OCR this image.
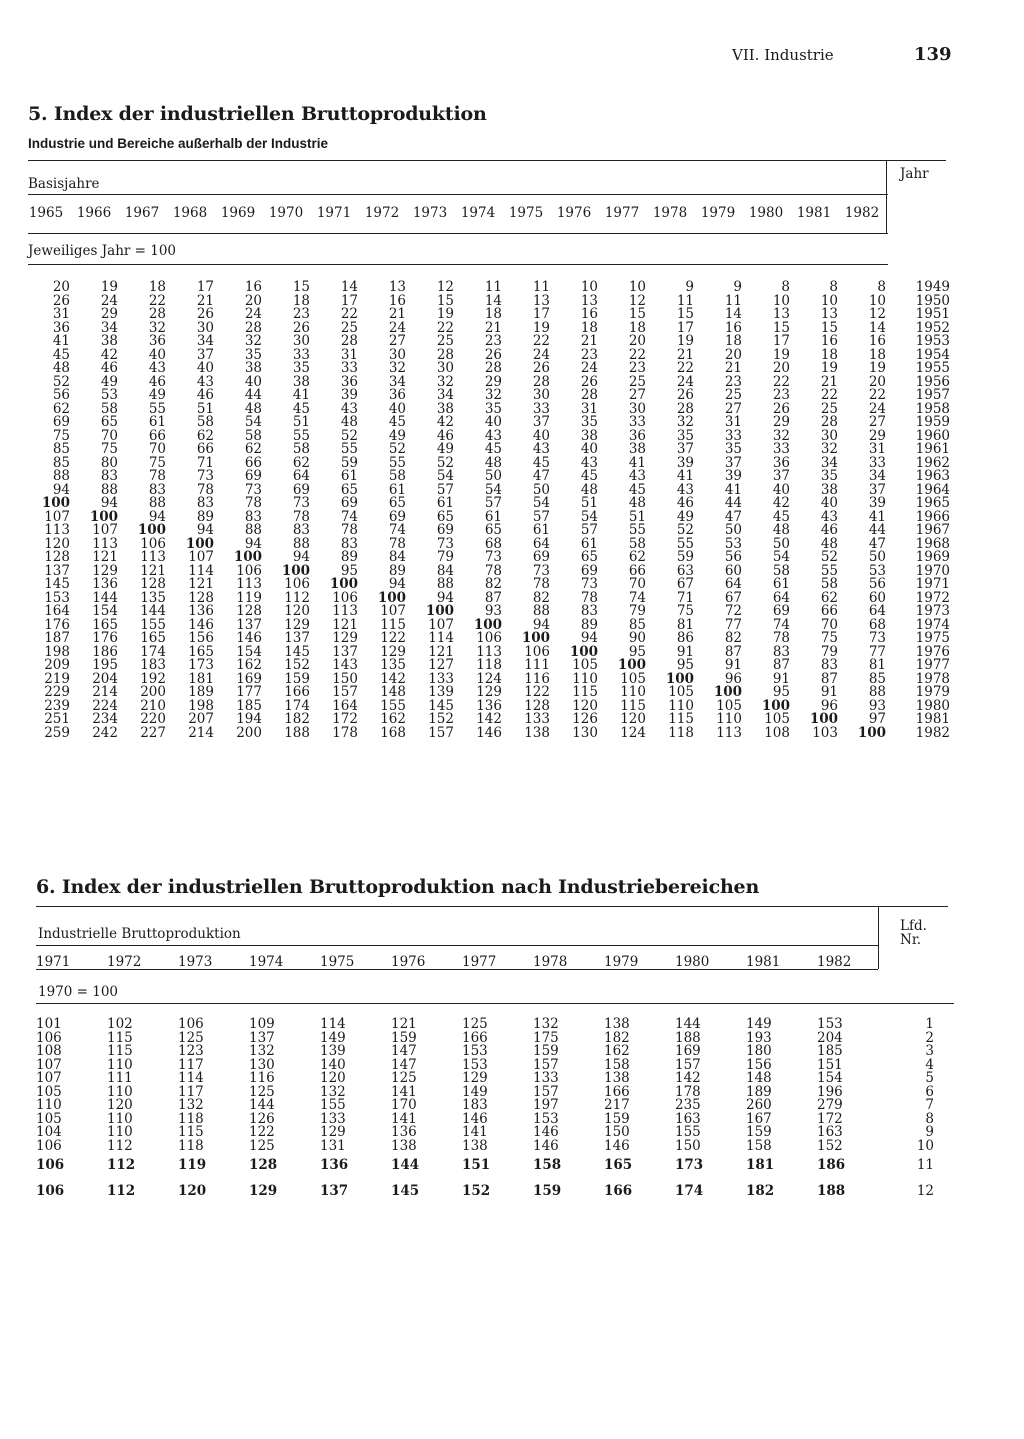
VII. Industrie	139
5. Index der industriellen Bruttoproduktion
Industrie und Bereiche außerhalb der Industrie
Basisjahre
Jahr
1965	1966	1967	1968	1969	1970	1971	1972	1973	1974	1975	1976	1977	1978	1979	1980	1981	1982
Jeweiliges Jahr = 100
20	19	18	17	16	15	14	13	12	11	11	10	10	9	9	8	8	8	1949
26	24	22	21	20	18	17	16	15	14	13	13	12	11	11	10	10	10	1950
31	29	28	26	24	23	22	21	19	18	17	16	15	15	14	13	13	12	1951
36	34	32	30	28	26	25	24	22	21	19	18	18	17	16	15	15	14	1952
41	38	36	34	32	30	28	27	25	23	22	21	20	19	18	17	16	16	1953
45	42	40	37	35	33	31	30	28	26	24	23	22	21	20	19	18	18	1954
48	46	43	40	38	35	33	32	30	28	26	24	23	22	21	20	19	19	1955
52	49	46	43	40	38	36	34	32	29	28	26	25	24	23	22	21	20	1956
56	53	49	46	44	41	39	36	34	32	30	28	27	26	25	23	22	22	1957
62	58	55	51	48	45	43	40	38	35	33	31	30	28	27	26	25	24	1958
69	65	61	58	54	51	48	45	42	40	37	35	33	32	31	29	28	27	1959
75	70	66	62	58	55	52	49	46	43	40	38	36	35	33	32	30	29	1960
85	75	70	66	62	58	55	52	49	45	43	40	38	37	35	33	32	31	1961
85	80	75	71	66	62	59	55	52	48	45	43	41	39	37	36	34	33	1962
88	83	78	73	69	64	61	58	54	50	47	45	43	41	39	37	35	34	1963
94	88	83	78	73	69	65	61	57	54	50	48	45	43	41	40	38	37	1964
100	94	88	83	78	73	69	65	61	57	54	51	48	46	44	42	40	39	1965
107	100	94	89	83	78	74	69	65	61	57	54	51	49	47	45	43	41	1966
113	107	100	94	88	83	78	74	69	65	61	57	55	52	50	48	46	44	1967
120	113	106	100	94	88	83	78	73	68	64	61	58	55	53	50	48	47	1968
128	121	113	107	100	94	89	84	79	73	69	65	62	59	56	54	52	50	1969
137	129	121	114	106	100	95	89	84	78	73	69	66	63	60	58	55	53	1970
145	136	128	121	113	106	100	94	88	82	78	73	70	67	64	61	58	56	1971
153	144	135	128	119	112	106	100	94	87	82	78	74	71	67	64	62	60	1972
164	154	144	136	128	120	113	107	100	93	88	83	79	75	72	69	66	64	1973
176	165	155	146	137	129	121	115	107	100	94	89	85	81	77	74	70	68	1974
187	176	165	156	146	137	129	122	114	106	100	94	90	86	82	78	75	73	1975
198	186	174	165	154	145	137	129	121	113	106	100	95	91	87	83	79	77	1976
209	195	183	173	162	152	143	135	127	118	111	105	100	95	91	87	83	81	1977
219	204	192	181	169	159	150	142	133	124	116	110	105	100	96	91	87	85	1978
229	214	200	189	177	166	157	148	139	129	122	115	110	105	100	95	91	88	1979
239	224	210	198	185	174	164	155	145	136	128	120	115	110	105	100	96	93	1980
251	234	220	207	194	182	172	162	152	142	133	126	120	115	110	105	100	97	1981
259	242	227	214	200	188	178	168	157	146	138	130	124	118	113	108	103	100	1982
6. Index der industriellen Bruttoproduktion nach Industriebereichen
Industrielle Bruttoproduktion	Lfd.
Nr.
1971	1972	1973	1974	1975	1976	1977	1978	1979	1980	1981	1982
1970 = 100
101	102	106	109	114	121	125	132	138	144	149	153	1
106	115	125	137	149	159	166	175	182	188	193	204	2
108	115	123	132	139	147	153	159	162	169	180	185	3
107	110	117	130	140	147	153	157	158	157	156	151	4
107	111	114	116	120	125	129	133	138	142	148	154	5
105	110	117	125	132	141	149	157	166	178	189	196	6
110	120	132	144	155	170	183	197	217	235	260	279	7
105	110	118	126	133	141	146	153	159	163	167	172	8
104	110	115	122	129	136	141	146	150	155	159	163	9
106	112	118	125	131	138	138	146	146	150	158	152	10
106	112	119	128	136	144	151	158	165	173	181	186	11
106	112	120	129	137	145	152	159	166	174	182	188	12
